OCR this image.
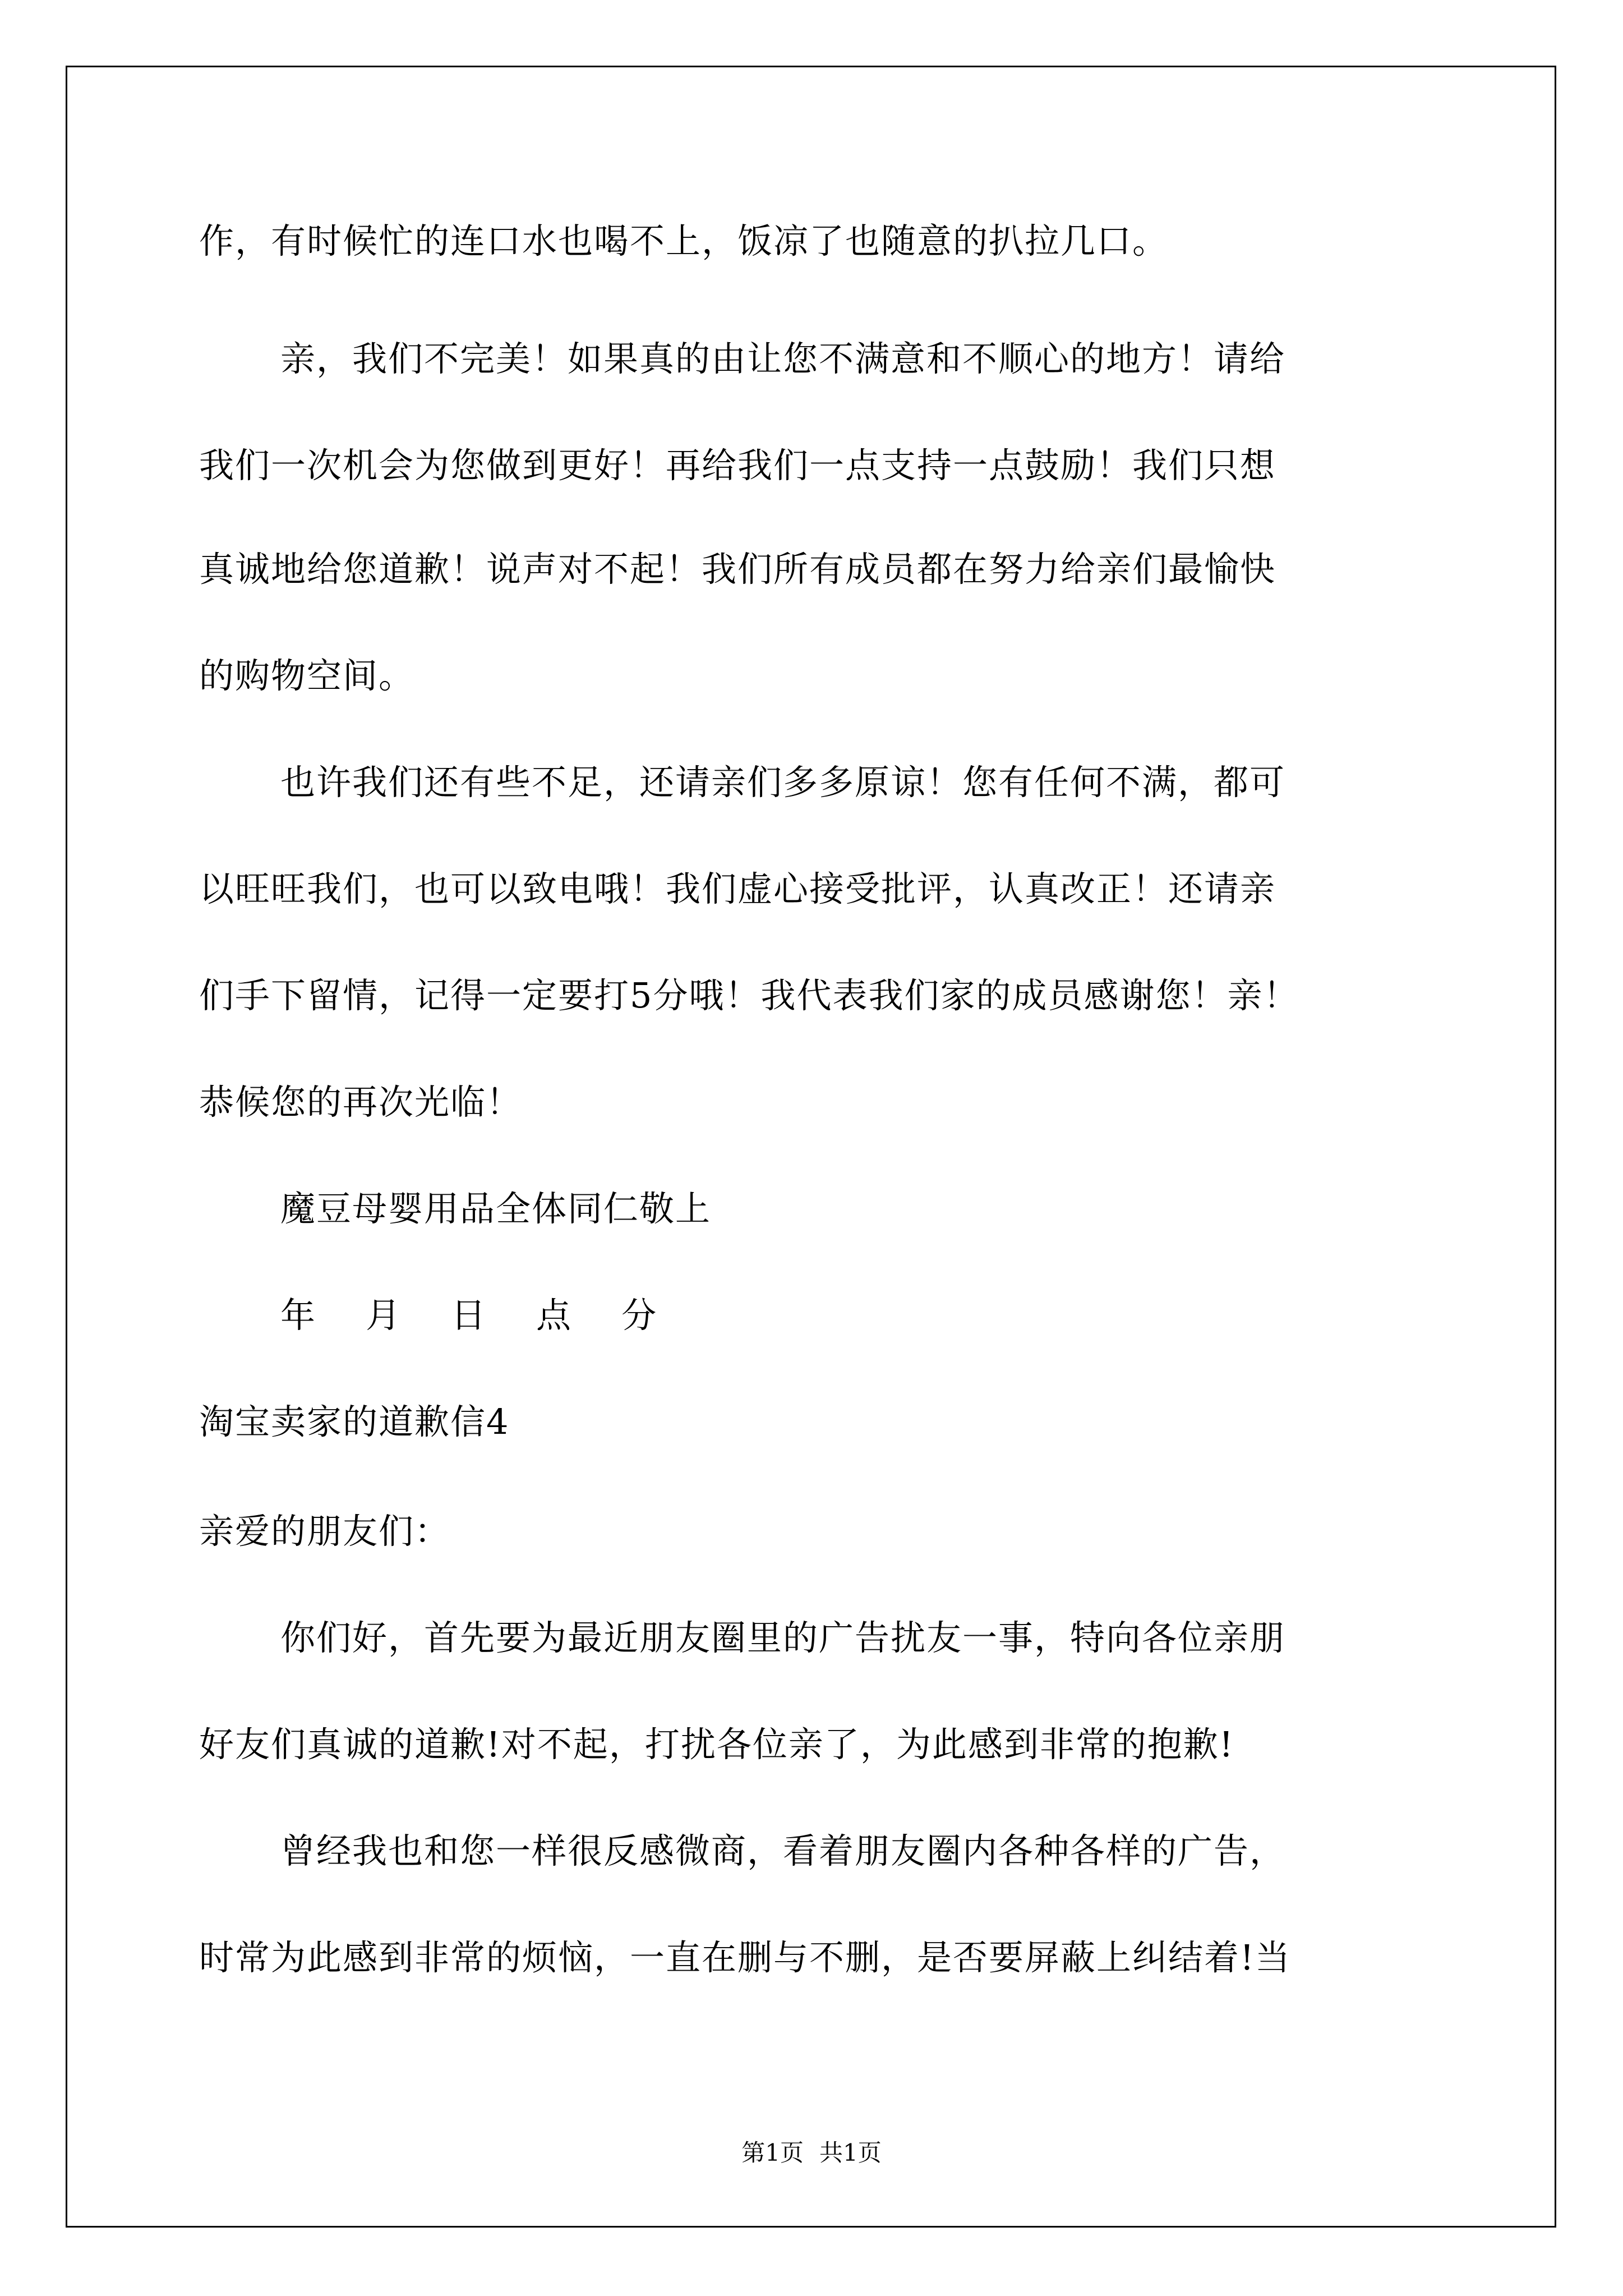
作，有时候忙的连口水也喝不上，饭凉了也随意的扒拉几口。
亲，我们不完美！如果真的由让您不满意和不顺心的地方！请给
我们一次机会为您做到更好！再给我们一点支持一点鼓励！我们只想
真诚地给您道歉！说声对不起！我们所有成员都在努力给亲们最愉快
的购物空间。
也许我们还有些不足，还请亲们多多原谅！您有任何不满，都可
以旺旺我们，也可以致电哦！我们虚心接受批评，认真改正！还请亲
们手下留情，记得一定要打5分哦！我代表我们家的成员感谢您！亲！
恭候您的再次光临！
魔豆母婴用品全体同仁敬上
年 月 日 点 分
淘宝卖家的道歉信4
亲爱的朋友们：
你们好，首先要为最近朋友圈里的广告扰友一事，特向各位亲朋
好友们真诚的道歉!对不起，打扰各位亲了，为此感到非常的抱歉!
曾经我也和您一样很反感微商，看着朋友圈内各种各样的广告，
时常为此感到非常的烦恼，一直在删与不删，是否要屏蔽上纠结着!当
第1页 共1页
